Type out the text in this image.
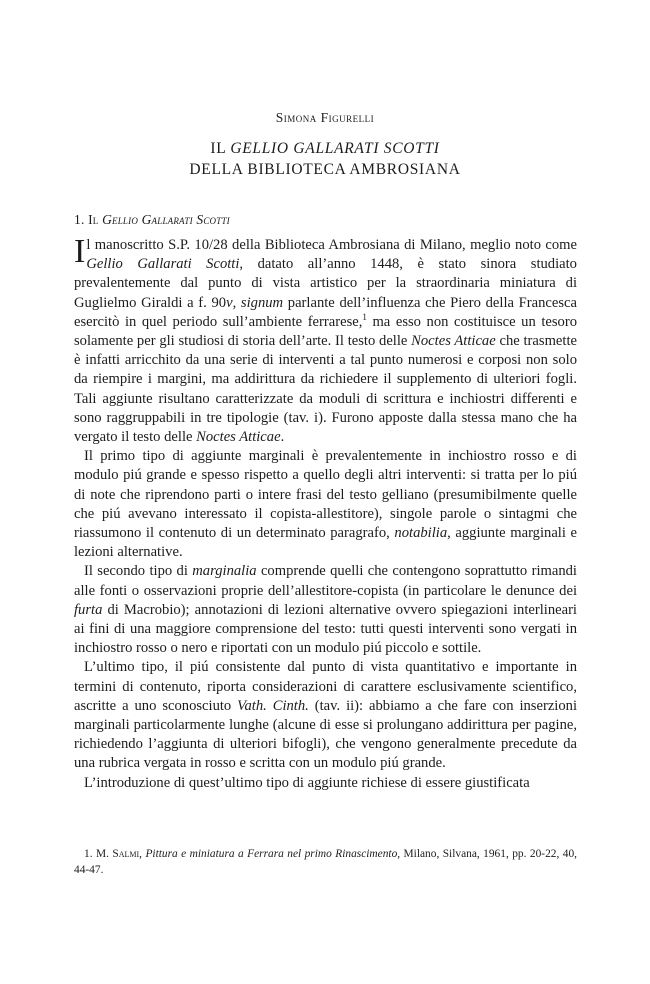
Simona Figurelli
IL GELLIO GALLARATI SCOTTI
DELLA BIBLIOTECA AMBROSIANA
1. Il Gellio Gallarati Scotti

Il manoscritto S.P. 10/28 della Biblioteca Ambrosiana di Milano, meglio noto come Gellio Gallarati Scotti, datato all’anno 1448, è stato sinora studiato prevalentemente dal punto di vista artistico per la straordinaria miniatura di Guglielmo Giraldi a f. 90v, signum parlante dell’influenza che Piero della Francesca esercitò in quel periodo sull’ambiente ferrarese,$^1$ ma esso non costituisce un tesoro solamente per gli studiosi di storia dell’arte. Il testo delle Noctes Atticae che trasmette è infatti arricchito da una serie di interventi a tal punto numerosi e corposi non solo da riempire i margini, ma addirittura da richiedere il supplemento di ulteriori fogli. Tali aggiunte risultano caratterizzate da moduli di scrittura e inchiostri differenti e sono raggruppabili in tre tipologie (tav. i). Furono apposte dalla stessa mano che ha vergato il testo delle Noctes Atticae.

Il primo tipo di aggiunte marginali è prevalentemente in inchiostro rosso e di modulo piú grande e spesso rispetto a quello degli altri interventi: si tratta per lo piú di note che riprendono parti o intere frasi del testo gelliano (presumibilmente quelle che piú avevano interessato il copista-allestitore), singole parole o sintagmi che riassumono il contenuto di un determinato paragrafo, notabilia, aggiunte marginali e lezioni alternative.

Il secondo tipo di marginalia comprende quelli che contengono soprattutto rimandi alle fonti o osservazioni proprie dell’allestitore-copista (in particolare le denunce dei furta di Macrobio); annotazioni di lezioni alternative ovvero spiegazioni interlineari ai fini di una maggiore comprensione del testo: tutti questi interventi sono vergati in inchiostro rosso o nero e riportati con un modulo piú piccolo e sottile.

L’ultimo tipo, il piú consistente dal punto di vista quantitativo e importante in termini di contenuto, riporta considerazioni di carattere esclusivamente scientifico, ascritte a uno sconosciuto Vath. Cinth. (tav. ii): abbiamo a che fare con inserzioni marginali particolarmente lunghe (alcune di esse si prolungano addirittura per pagine, richiedendo l’aggiunta di ulteriori bifogli), che vengono generalmente precedute da una rubrica vergata in rosso e scritta con un modulo piú grande.

L’introduzione di quest’ultimo tipo di aggiunte richiese di essere giustificata

1. M. Salmi, Pittura e miniatura a Ferrara nel primo Rinascimento, Milano, Silvana, 1961, pp. 20-22, 40, 44-47.
